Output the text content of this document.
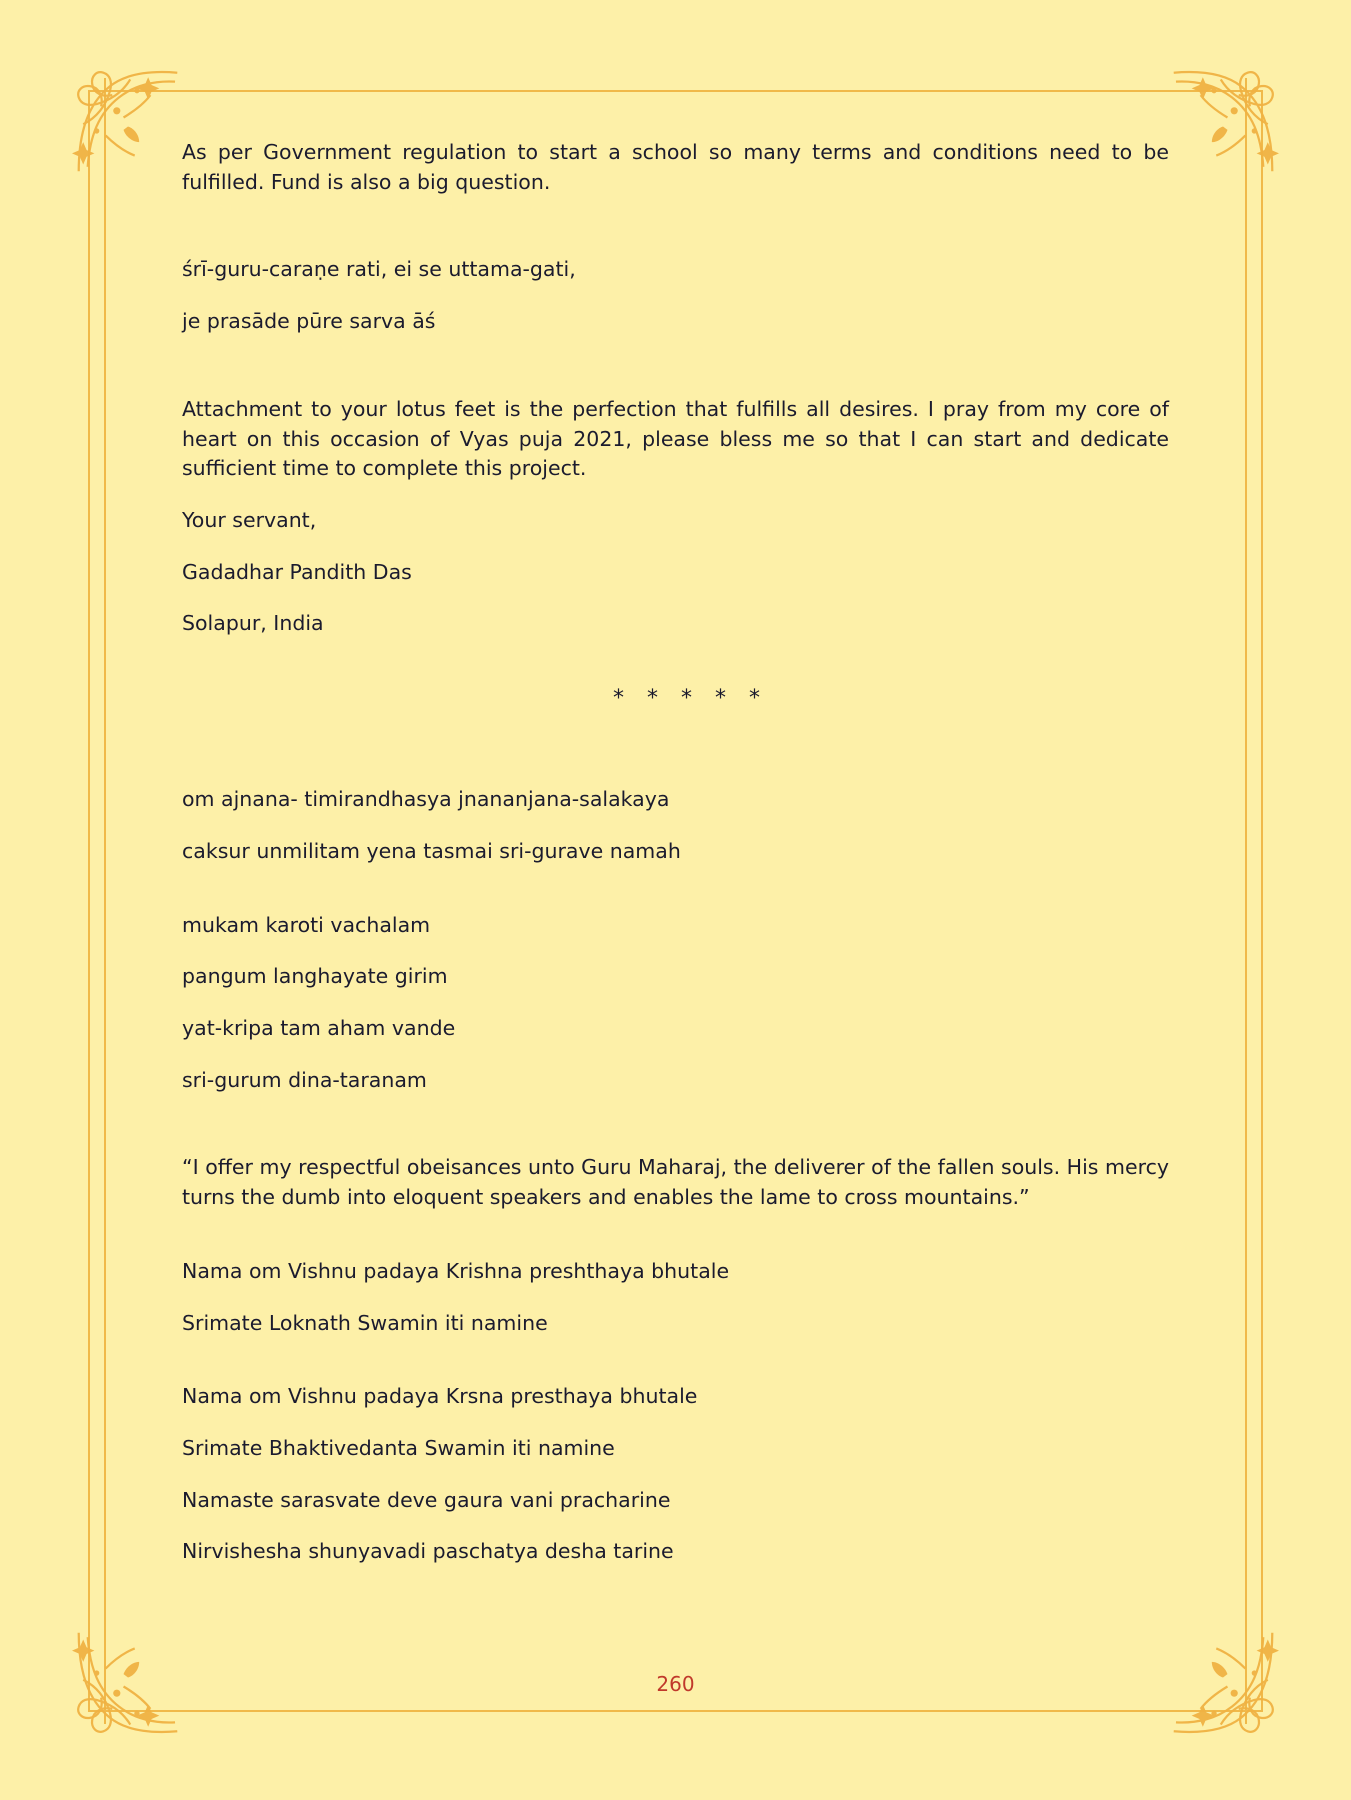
As per Government regulation to start a school so many terms and conditions need to be fulfilled. Fund is also a big question.

śrī-guru-caraṇe rati, ei se uttama-gati,

je prasāde pūre sarva āś

Attachment to your lotus feet is the perfection that fulfills all desires. I pray from my core of heart on this occasion of Vyas puja 2021, please bless me so that I can start and dedicate sufficient time to complete this project.

Your servant,

Gadadhar Pandith Das

Solapur, India

* * * * *

om ajnana- timirandhasya jnananjana-salakaya

caksur unmilitam yena tasmai sri-gurave namah

mukam karoti vachalam

pangum langhayate girim

yat-kripa tam aham vande

sri-gurum dina-taranam

“I offer my respectful obeisances unto Guru Maharaj, the deliverer of the fallen souls. His mercy turns the dumb into eloquent speakers and enables the lame to cross mountains.”

Nama om Vishnu padaya Krishna preshthaya bhutale

Srimate Loknath Swamin iti namine

Nama om Vishnu padaya Krsna presthaya bhutale

Srimate Bhaktivedanta Swamin iti namine

Namaste sarasvate deve gaura vani pracharine

Nirvishesha shunyavadi paschatya desha tarine

260
